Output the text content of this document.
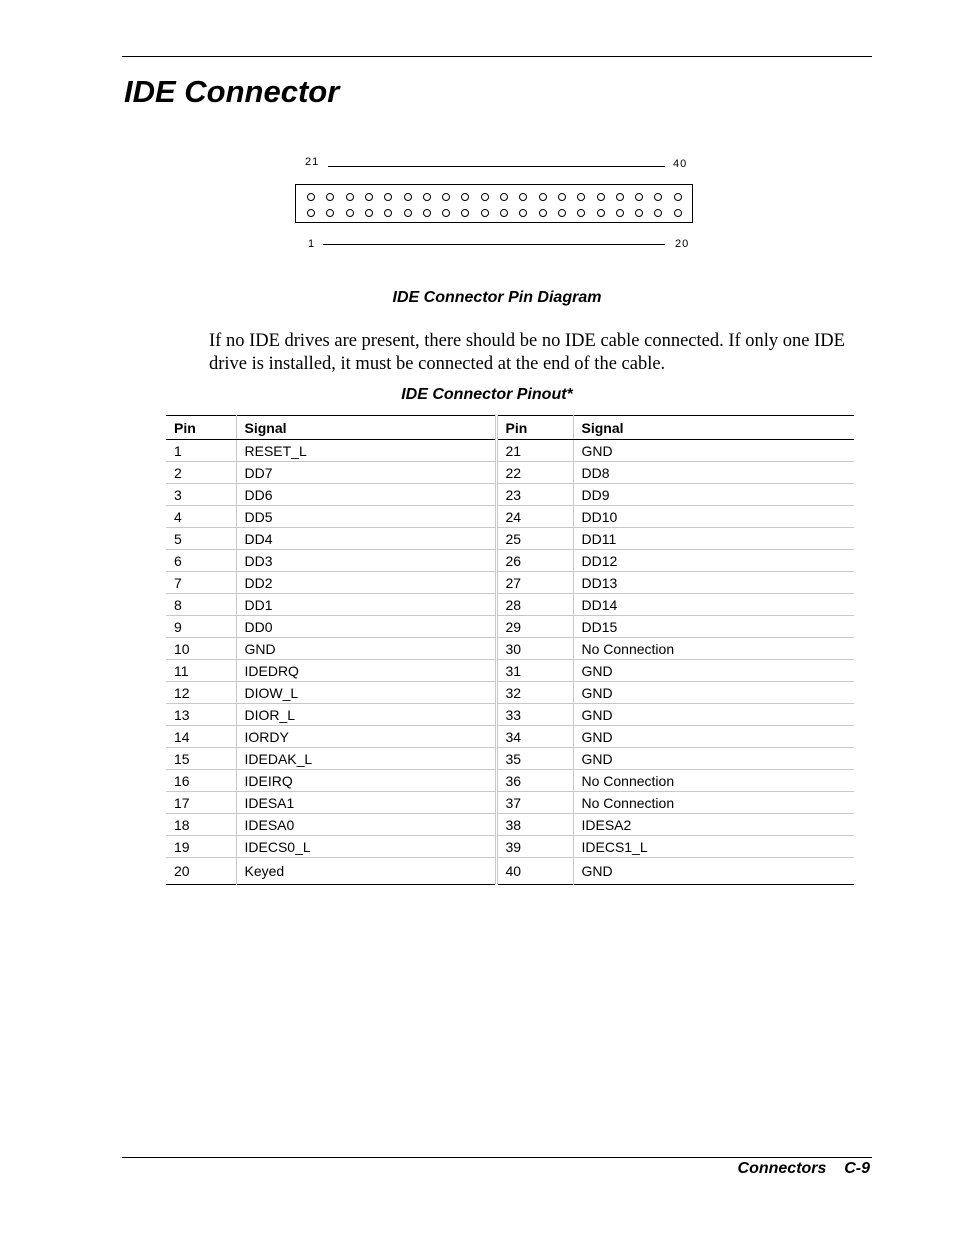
IDE Connector
21	40
1	20

IDE Connector Pin Diagram

If no IDE drives are present, there should be no IDE cable connected. If only one IDE drive is installed, it must be connected at the end of the cable.

IDE Connector Pinout*

Pin	Signal	Pin	Signal
1	RESET_L	21	GND
2	DD7	22	DD8
3	DD6	23	DD9
4	DD5	24	DD10
5	DD4	25	DD11
6	DD3	26	DD12
7	DD2	27	DD13
8	DD1	28	DD14
9	DD0	29	DD15
10	GND	30	No Connection
11	IDEDRQ	31	GND
12	DIOW_L	32	GND
13	DIOR_L	33	GND
14	IORDY	34	GND
15	IDEDAK_L	35	GND
16	IDEIRQ	36	No Connection
17	IDESA1	37	No Connection
18	IDESA0	38	IDESA2
19	IDECS0_L	39	IDECS1_L
20	Keyed	40	GND

Connectors C-9
